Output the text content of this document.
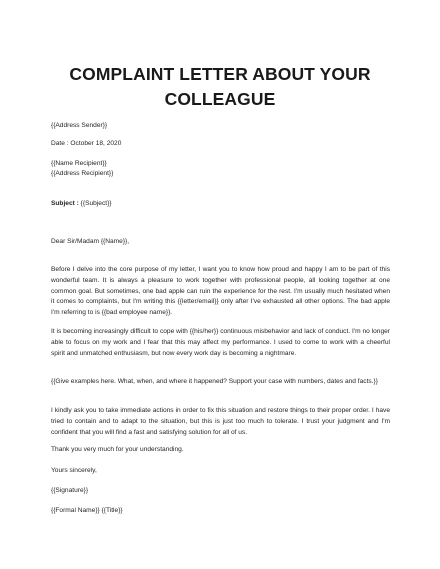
COMPLAINT LETTER ABOUT YOUR
COLLEAGUE
{{Address Sender}}
Date : October 18, 2020
{{Name Recipient}}
{{Address Recipient}}
Subject : {{Subject}}
Dear Sir/Madam {{Name}},

Before I delve into the core purpose of my letter, I want you to know how proud and happy I am to be part of this wonderful team. It is always a pleasure to work together with professional people, all looking together at one common goal. But sometimes, one bad apple can ruin the experience for the rest. I'm usually much hesitated when it comes to complaints, but I'm writing this {{letter/email}} only after I've exhausted all other options. The bad apple I'm referring to is {{bad employee name}}.

It is becoming increasingly difficult to cope with {{his/her}} continuous misbehavior and lack of conduct. I'm no longer able to focus on my work and I fear that this may affect my performance. I used to come to work with a cheerful spirit and unmatched enthusiasm, but now every work day is becoming a nightmare.

{{Give examples here. What, when, and where it happened? Support your case with numbers, dates and facts.}}

I kindly ask you to take immediate actions in order to fix this situation and restore things to their proper order. I have tried to contain and to adapt to the situation, but this is just too much to tolerate. I trust your judgment and I'm confident that you will find a fast and satisfying solution for all of us.

Thank you very much for your understanding.

Yours sincerely,
{{Signature}}
{{Formal Name}} {{Title}}
